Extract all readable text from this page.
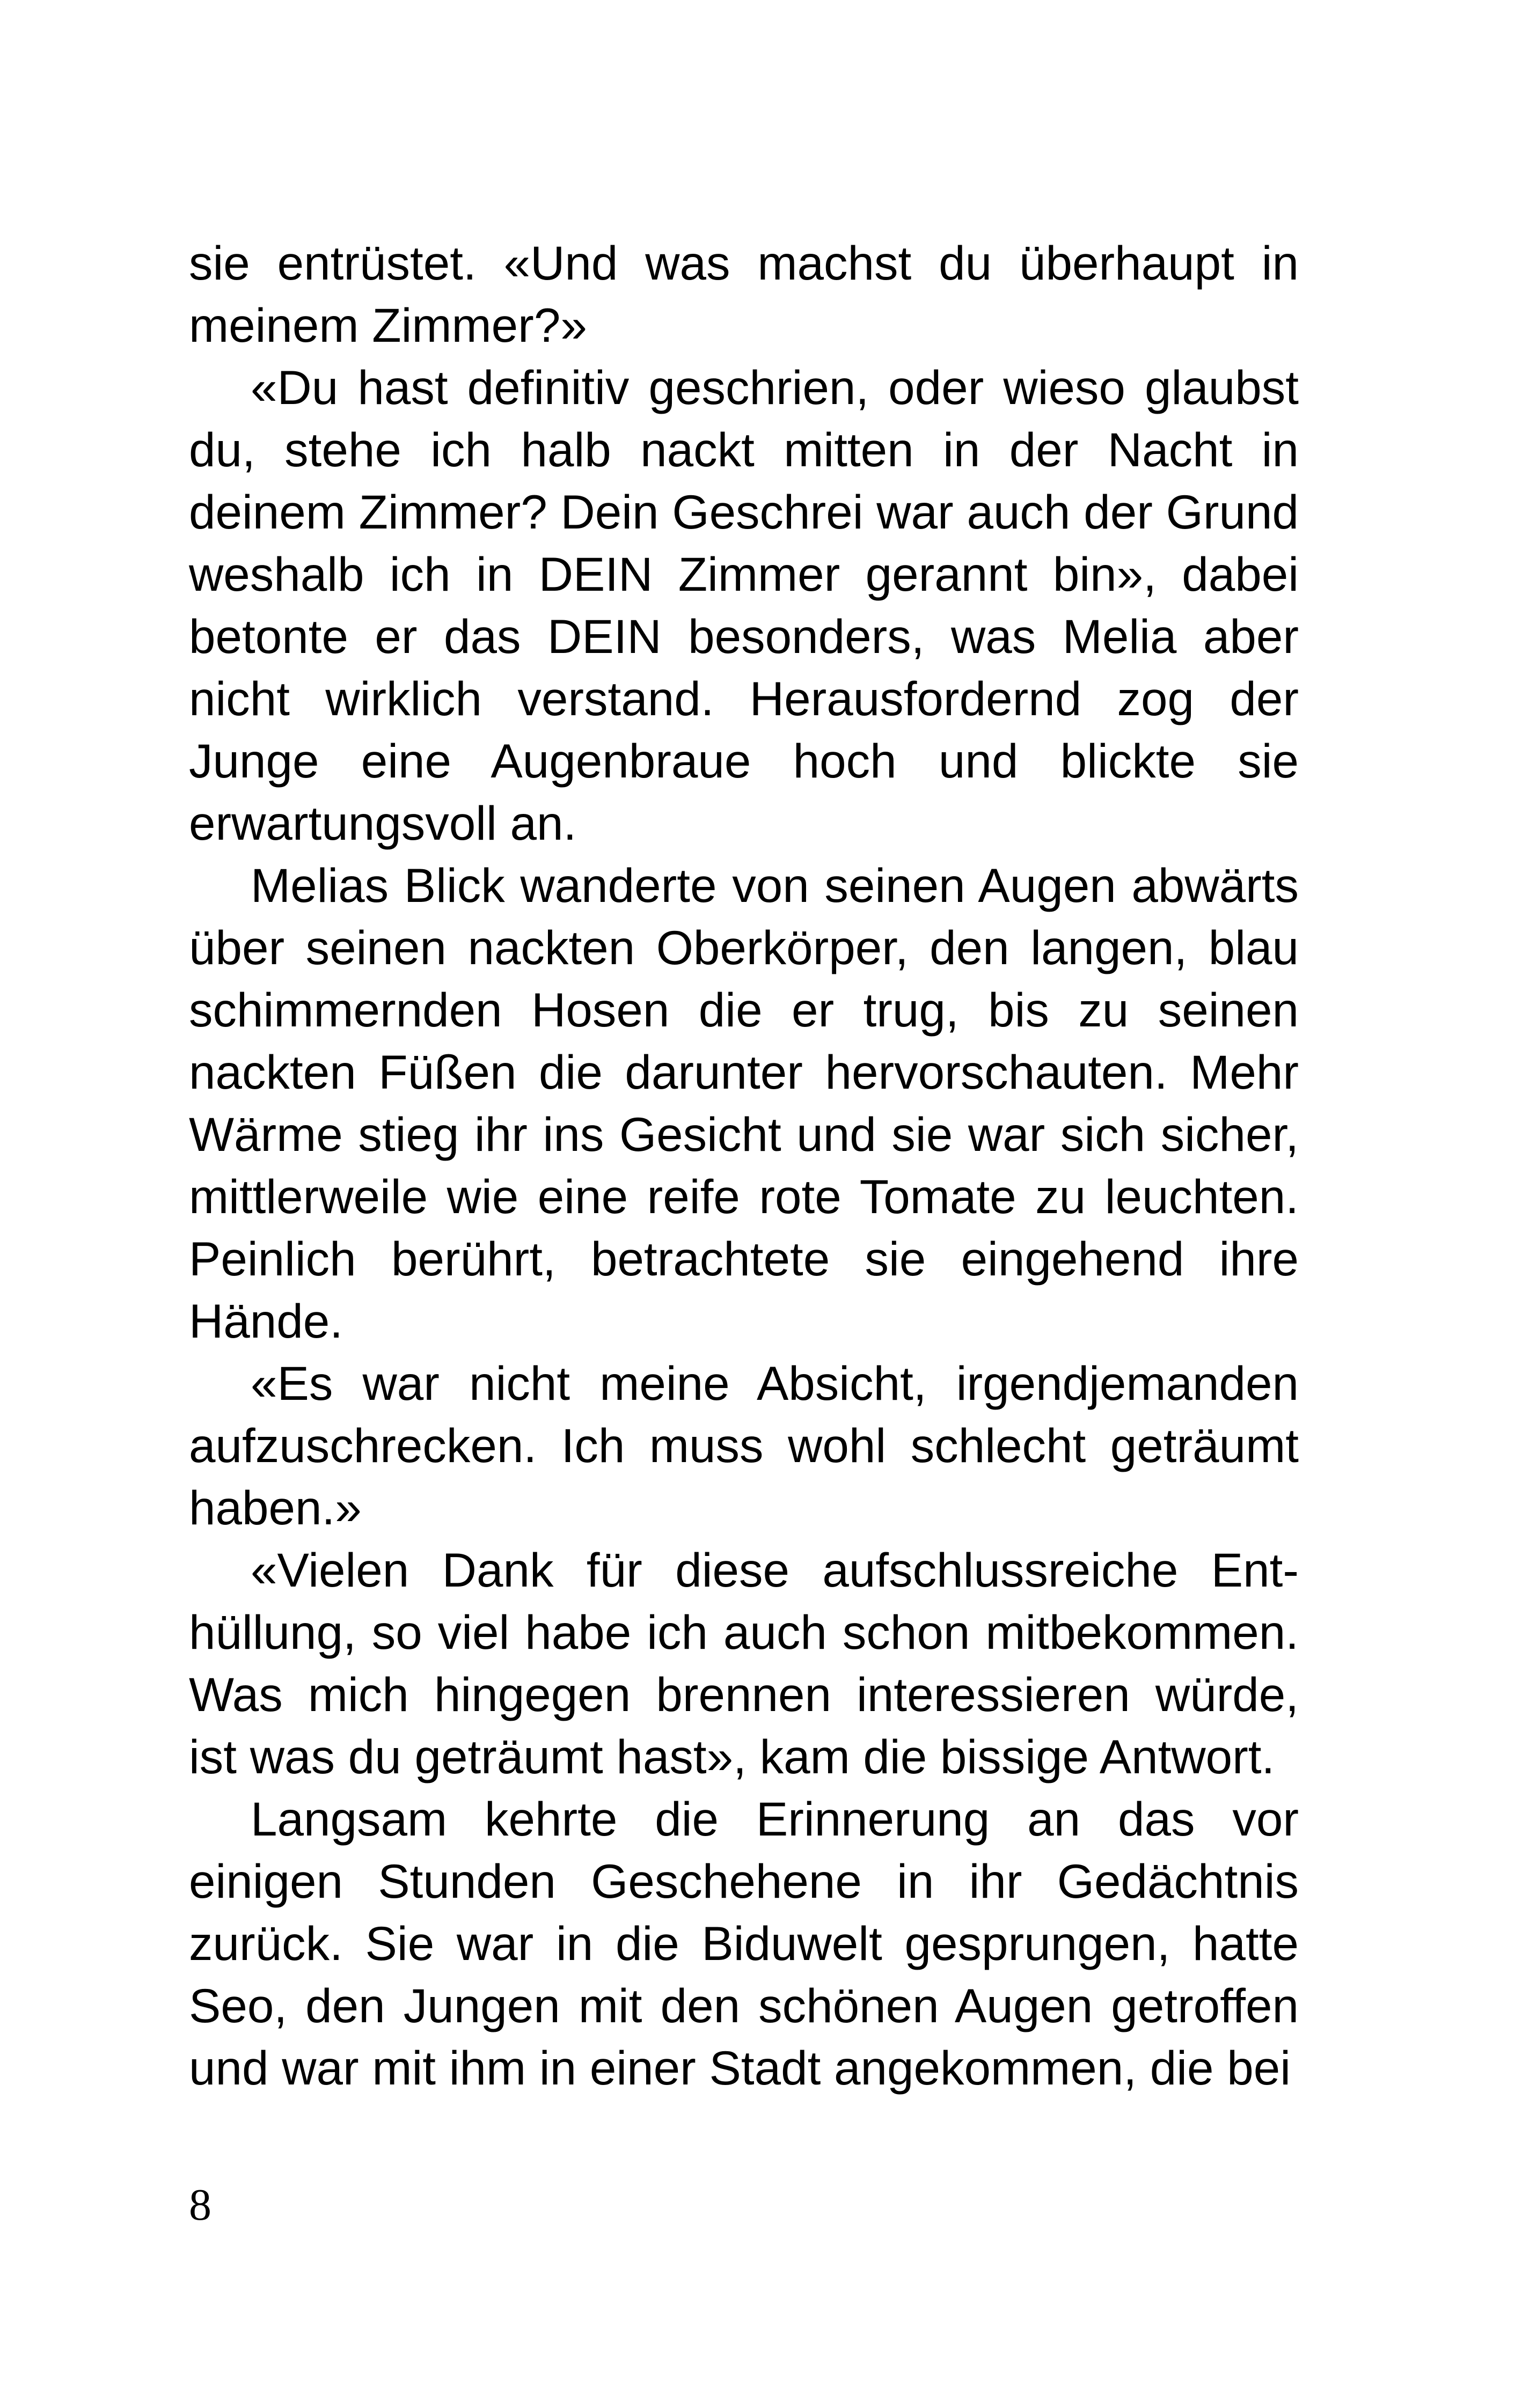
sie entrüstet. «Und was machst du überhaupt in meinem Zimmer?»

«Du hast definitiv geschrien, oder wieso glaubst du, stehe ich halb nackt mitten in der Nacht in deinem Zimmer? Dein Geschrei war auch der Grund weshalb ich in DEIN Zimmer gerannt bin», dabei betonte er das DEIN besonders, was Melia aber nicht wirklich verstand. Herausfordernd zog der Junge eine Augenbraue hoch und blickte sie erwartungsvoll an.

Melias Blick wanderte von seinen Augen abwärts über seinen nackten Oberkörper, den langen, blau schimmernden Hosen die er trug, bis zu seinen nackten Füßen die darunter hervorschauten. Mehr Wärme stieg ihr ins Gesicht und sie war sich sicher, mittlerweile wie eine reife rote Tomate zu leuchten. Peinlich berührt, betrachtete sie eingehend ihre Hände.

«Es war nicht meine Absicht, irgendjemanden aufzuschrecken. Ich muss wohl schlecht geträumt haben.»

«Vielen Dank für diese aufschlussreiche Enthüllung, so viel habe ich auch schon mitbekommen. Was mich hingegen brennen interessieren würde, ist was du geträumt hast», kam die bissige Antwort.

Langsam kehrte die Erinnerung an das vor einigen Stunden Geschehene in ihr Gedächtnis zurück. Sie war in die Biduwelt gesprungen, hatte Seo, den Jungen mit den schönen Augen getroffen und war mit ihm in einer Stadt angekommen, die bei

8
